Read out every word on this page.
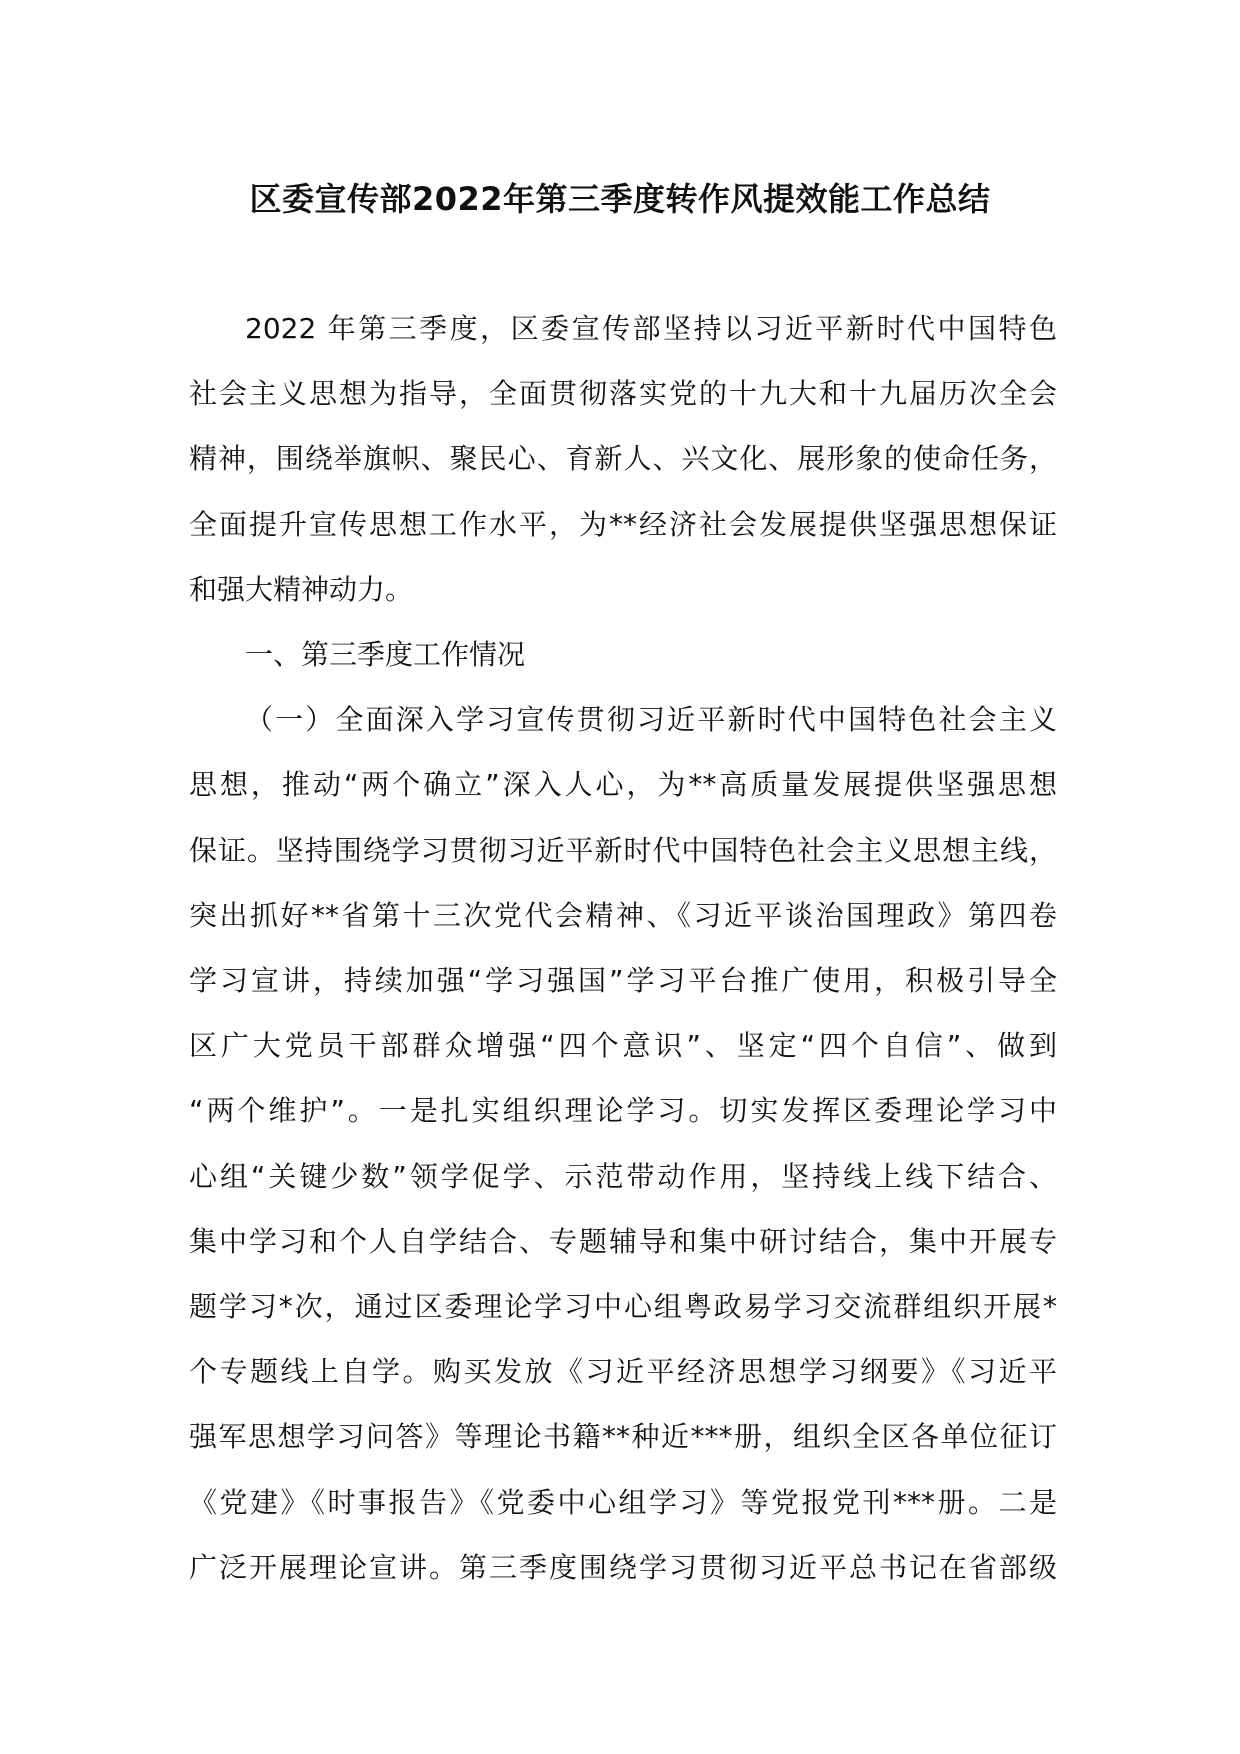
区委宣传部2022年第三季度转作风提效能工作总结
2022 年第三季度，区委宣传部坚持以习近平新时代中国特色
社会主义思想为指导，全面贯彻落实党的十九大和十九届历次全会
精神，围绕举旗帜、聚民心、育新人、兴文化、展形象的使命任务，
全面提升宣传思想工作水平，为**经济社会发展提供坚强思想保证
和强大精神动力。
一、第三季度工作情况
（一）全面深入学习宣传贯彻习近平新时代中国特色社会主义
思想，推动“两个确立”深入人心，为**高质量发展提供坚强思想
保证。坚持围绕学习贯彻习近平新时代中国特色社会主义思想主线，
突出抓好**省第十三次党代会精神、《习近平谈治国理政》第四卷
学习宣讲，持续加强“学习强国”学习平台推广使用，积极引导全
区广大党员干部群众增强“四个意识”、坚定“四个自信”、做到
“两个维护”。一是扎实组织理论学习。切实发挥区委理论学习中
心组“关键少数”领学促学、示范带动作用，坚持线上线下结合、
集中学习和个人自学结合、专题辅导和集中研讨结合，集中开展专
题学习*次，通过区委理论学习中心组粤政易学习交流群组织开展*
个专题线上自学。购买发放《习近平经济思想学习纲要》《习近平
强军思想学习问答》等理论书籍**种近***册，组织全区各单位征订
《党建》《时事报告》《党委中心组学习》等党报党刊***册。二是
广泛开展理论宣讲。第三季度围绕学习贯彻习近平总书记在省部级
